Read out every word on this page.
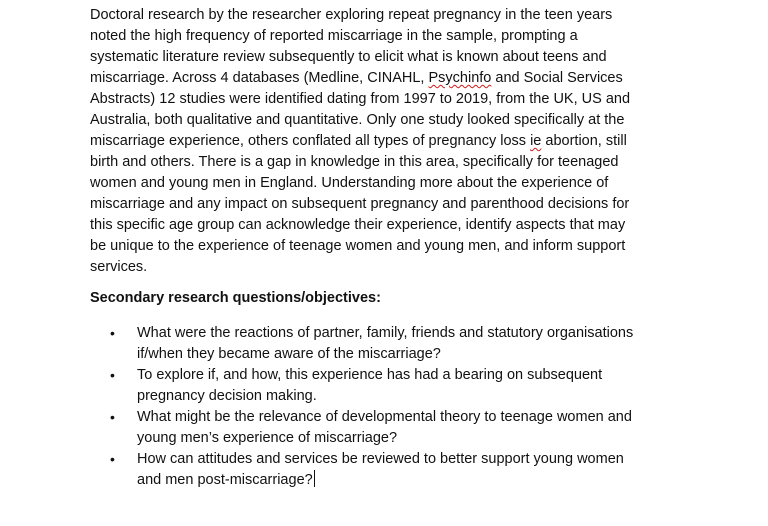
Doctoral research by the researcher exploring repeat pregnancy in the teen years
noted the high frequency of reported miscarriage in the sample, prompting a
systematic literature review subsequently to elicit what is known about teens and
miscarriage. Across 4 databases (Medline, CINAHL, Psychinfo and Social Services
Abstracts) 12 studies were identified dating from 1997 to 2019, from the UK, US and
Australia, both qualitative and quantitative. Only one study looked specifically at the
miscarriage experience, others conflated all types of pregnancy loss ie abortion, still
birth and others. There is a gap in knowledge in this area, specifically for teenaged
women and young men in England. Understanding more about the experience of
miscarriage and any impact on subsequent pregnancy and parenthood decisions for
this specific age group can acknowledge their experience, identify aspects that may
be unique to the experience of teenage women and young men, and inform support
services.
Secondary research questions/objectives:
• What were the reactions of partner, family, friends and statutory organisations
if/when they became aware of the miscarriage?
• To explore if, and how, this experience has had a bearing on subsequent
pregnancy decision making.
• What might be the relevance of developmental theory to teenage women and
young men’s experience of miscarriage?
• How can attitudes and services be reviewed to better support young women
and men post-miscarriage?
